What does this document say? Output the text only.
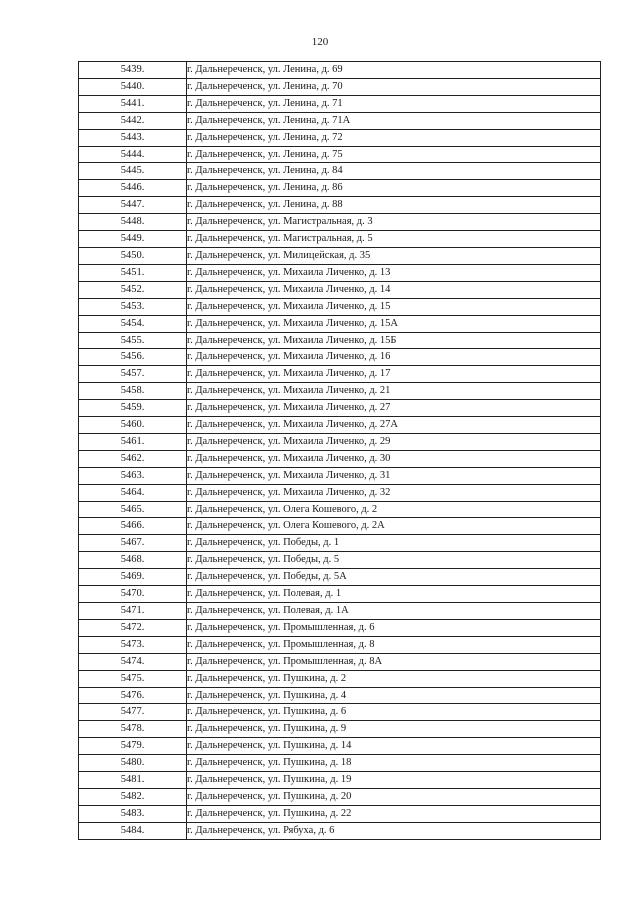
120
5439.	г. Дальнереченск, ул. Ленина, д. 69
5440.	г. Дальнереченск, ул. Ленина, д. 70
5441.	г. Дальнереченск, ул. Ленина, д. 71
5442.	г. Дальнереченск, ул. Ленина, д. 71А
5443.	г. Дальнереченск, ул. Ленина, д. 72
5444.	г. Дальнереченск, ул. Ленина, д. 75
5445.	г. Дальнереченск, ул. Ленина, д. 84
5446.	г. Дальнереченск, ул. Ленина, д. 86
5447.	г. Дальнереченск, ул. Ленина, д. 88
5448.	г. Дальнереченск, ул. Магистральная, д. 3
5449.	г. Дальнереченск, ул. Магистральная, д. 5
5450.	г. Дальнереченск, ул. Милицейская, д. 35
5451.	г. Дальнереченск, ул. Михаила Личенко, д. 13
5452.	г. Дальнереченск, ул. Михаила Личенко, д. 14
5453.	г. Дальнереченск, ул. Михаила Личенко, д. 15
5454.	г. Дальнереченск, ул. Михаила Личенко, д. 15А
5455.	г. Дальнереченск, ул. Михаила Личенко, д. 15Б
5456.	г. Дальнереченск, ул. Михаила Личенко, д. 16
5457.	г. Дальнереченск, ул. Михаила Личенко, д. 17
5458.	г. Дальнереченск, ул. Михаила Личенко, д. 21
5459.	г. Дальнереченск, ул. Михаила Личенко, д. 27
5460.	г. Дальнереченск, ул. Михаила Личенко, д. 27А
5461.	г. Дальнереченск, ул. Михаила Личенко, д. 29
5462.	г. Дальнереченск, ул. Михаила Личенко, д. 30
5463.	г. Дальнереченск, ул. Михаила Личенко, д. 31
5464.	г. Дальнереченск, ул. Михаила Личенко, д. 32
5465.	г. Дальнереченск, ул. Олега Кошевого, д. 2
5466.	г. Дальнереченск, ул. Олега Кошевого, д. 2А
5467.	г. Дальнереченск, ул. Победы, д. 1
5468.	г. Дальнереченск, ул. Победы, д. 5
5469.	г. Дальнереченск, ул. Победы, д. 5А
5470.	г. Дальнереченск, ул. Полевая, д. 1
5471.	г. Дальнереченск, ул. Полевая, д. 1А
5472.	г. Дальнереченск, ул. Промышленная, д. 6
5473.	г. Дальнереченск, ул. Промышленная, д. 8
5474.	г. Дальнереченск, ул. Промышленная, д. 8А
5475.	г. Дальнереченск, ул. Пушкина, д. 2
5476.	г. Дальнереченск, ул. Пушкина, д. 4
5477.	г. Дальнереченск, ул. Пушкина, д. 6
5478.	г. Дальнереченск, ул. Пушкина, д. 9
5479.	г. Дальнереченск, ул. Пушкина, д. 14
5480.	г. Дальнереченск, ул. Пушкина, д. 18
5481.	г. Дальнереченск, ул. Пушкина, д. 19
5482.	г. Дальнереченск, ул. Пушкина, д. 20
5483.	г. Дальнереченск, ул. Пушкина, д. 22
5484.	г. Дальнереченск, ул. Рябуха, д. 6
